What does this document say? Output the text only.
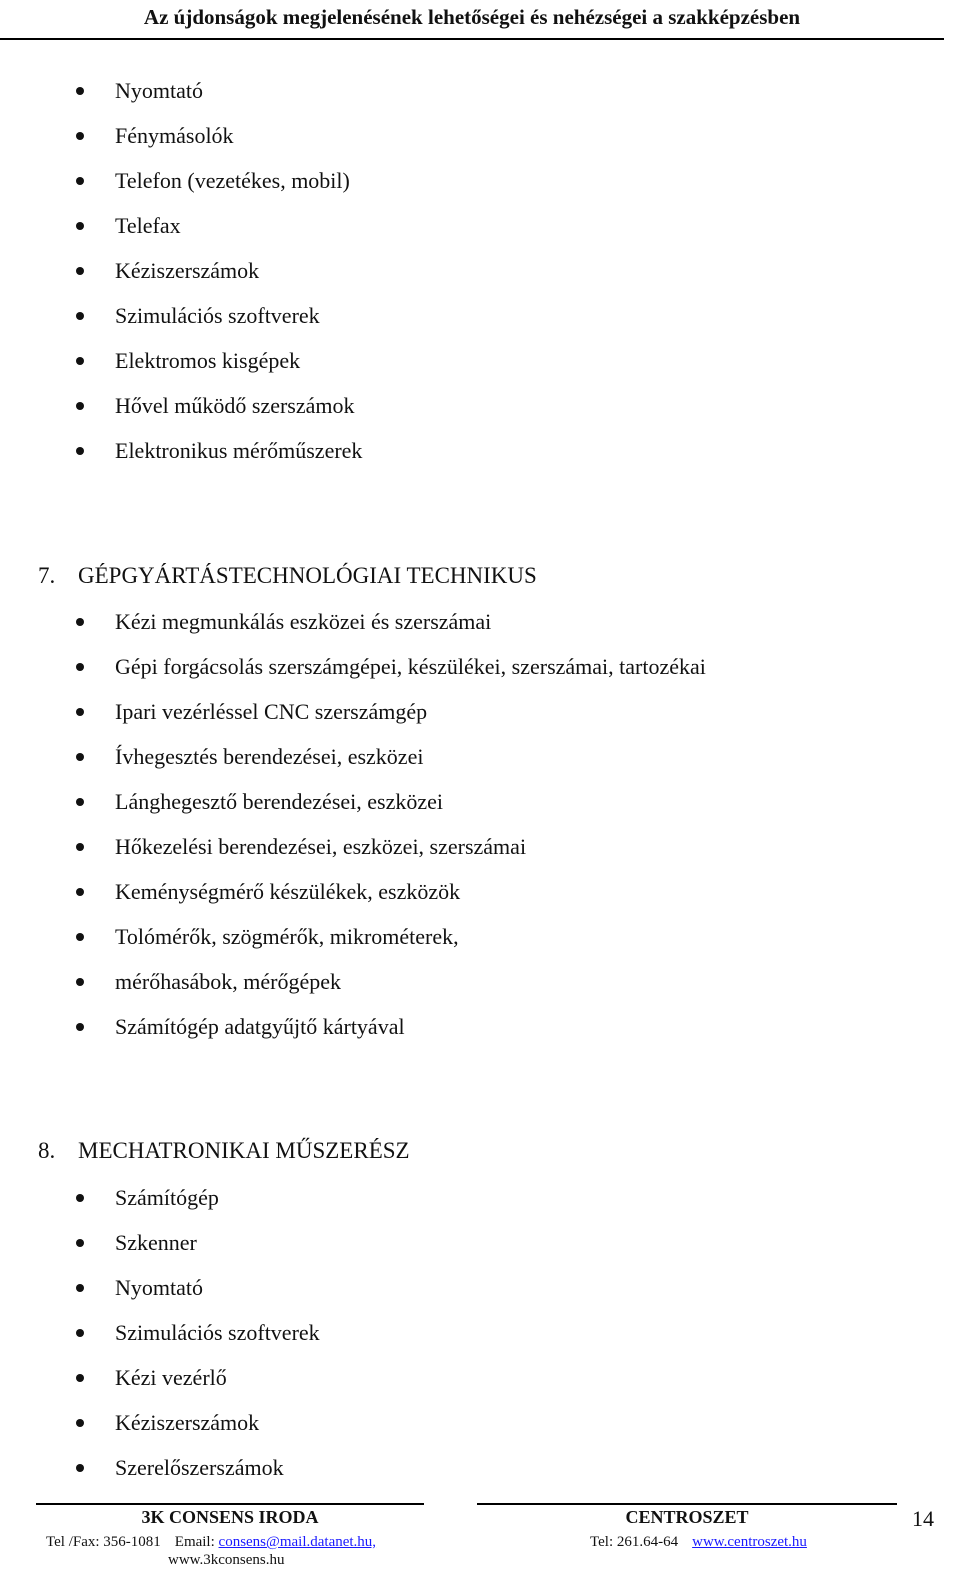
Az újdonságok megjelenésének lehetőségei és nehézségei a szakképzésben
Nyomtató
Fénymásolók
Telefon (vezetékes, mobil)
Telefax
Kéziszerszámok
Szimulációs szoftverek
Elektromos kisgépek
Hővel működő szerszámok
Elektronikus mérőműszerek
7. GÉPGYÁRTÁSTECHNOLÓGIAI TECHNIKUS
Kézi megmunkálás eszközei és szerszámai
Gépi forgácsolás szerszámgépei, készülékei, szerszámai, tartozékai
Ipari vezérléssel CNC szerszámgép
Ívhegesztés berendezései, eszközei
Lánghegesztő berendezései, eszközei
Hőkezelési berendezései, eszközei, szerszámai
Keménységmérő készülékek, eszközök
Tolómérők, szögmérők, mikrométerek,
mérőhasábok, mérőgépek
Számítógép adatgyűjtő kártyával
8. MECHATRONIKAI MŰSZERÉSZ
Számítógép
Szkenner
Nyomtató
Szimulációs szoftverek
Kézi vezérlő
Kéziszerszámok
Szerelőszerszámok
3K CONSENS IRODA	CENTROSZET	14
Tel /Fax: 356-1081 Email: consens@mail.datanet.hu,
www.3kconsens.hu
Tel: 261.64-64 www.centroszet.hu
